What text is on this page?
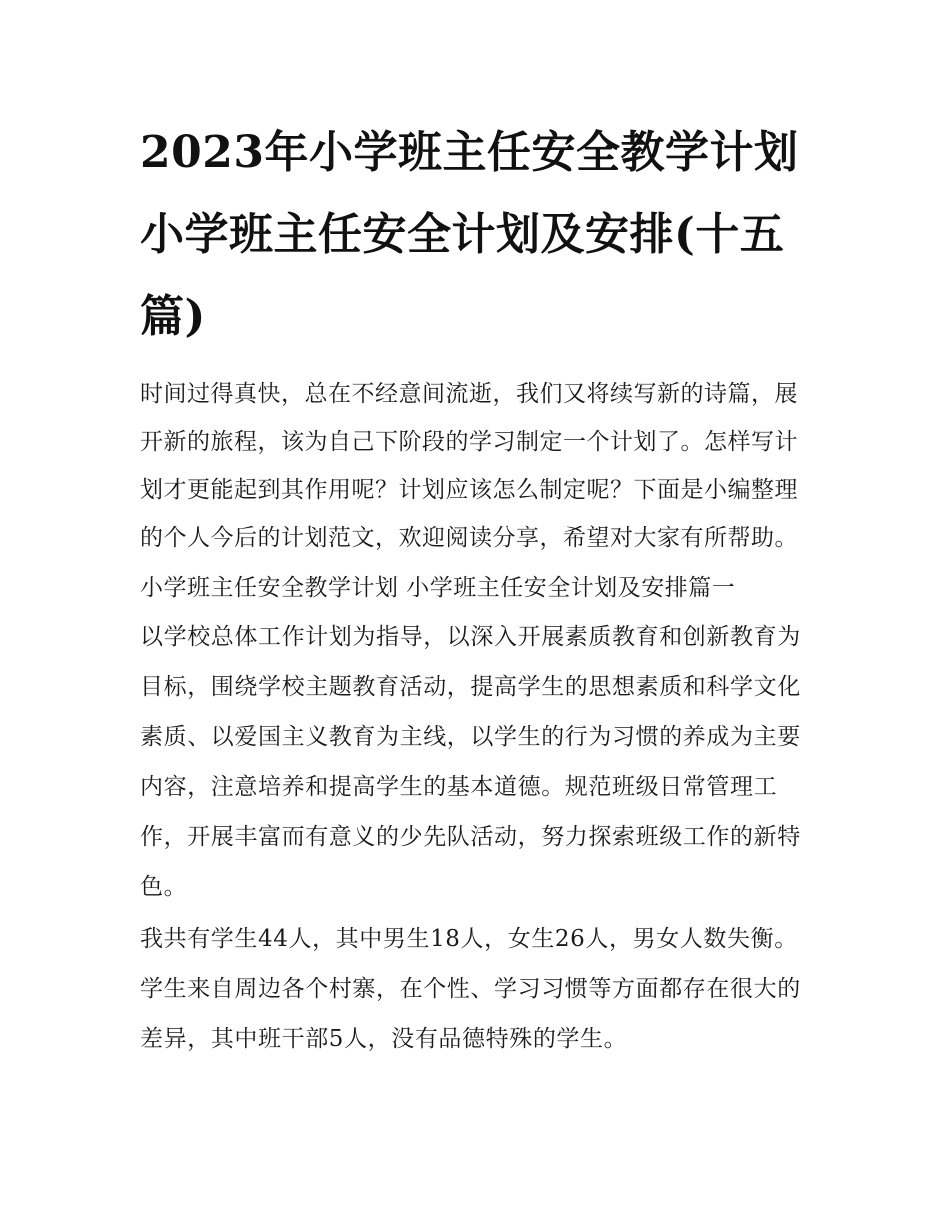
2023年小学班主任安全教学计划 小学班主任安全计划及安排(十五篇)

时间过得真快，总在不经意间流逝，我们又将续写新的诗篇，展开新的旅程，该为自己下阶段的学习制定一个计划了。怎样写计划才更能起到其作用呢？计划应该怎么制定呢？下面是小编整理的个人今后的计划范文，欢迎阅读分享，希望对大家有所帮助。

小学班主任安全教学计划 小学班主任安全计划及安排篇一

以学校总体工作计划为指导，以深入开展素质教育和创新教育为目标，围绕学校主题教育活动，提高学生的思想素质和科学文化素质、以爱国主义教育为主线，以学生的行为习惯的养成为主要内容，注意培养和提高学生的基本道德。规范班级日常管理工作，开展丰富而有意义的少先队活动，努力探索班级工作的新特色。

我共有学生44人，其中男生18人，女生26人，男女人数失衡。学生来自周边各个村寨，在个性、学习习惯等方面都存在很大的差异，其中班干部5人，没有品德特殊的学生。
